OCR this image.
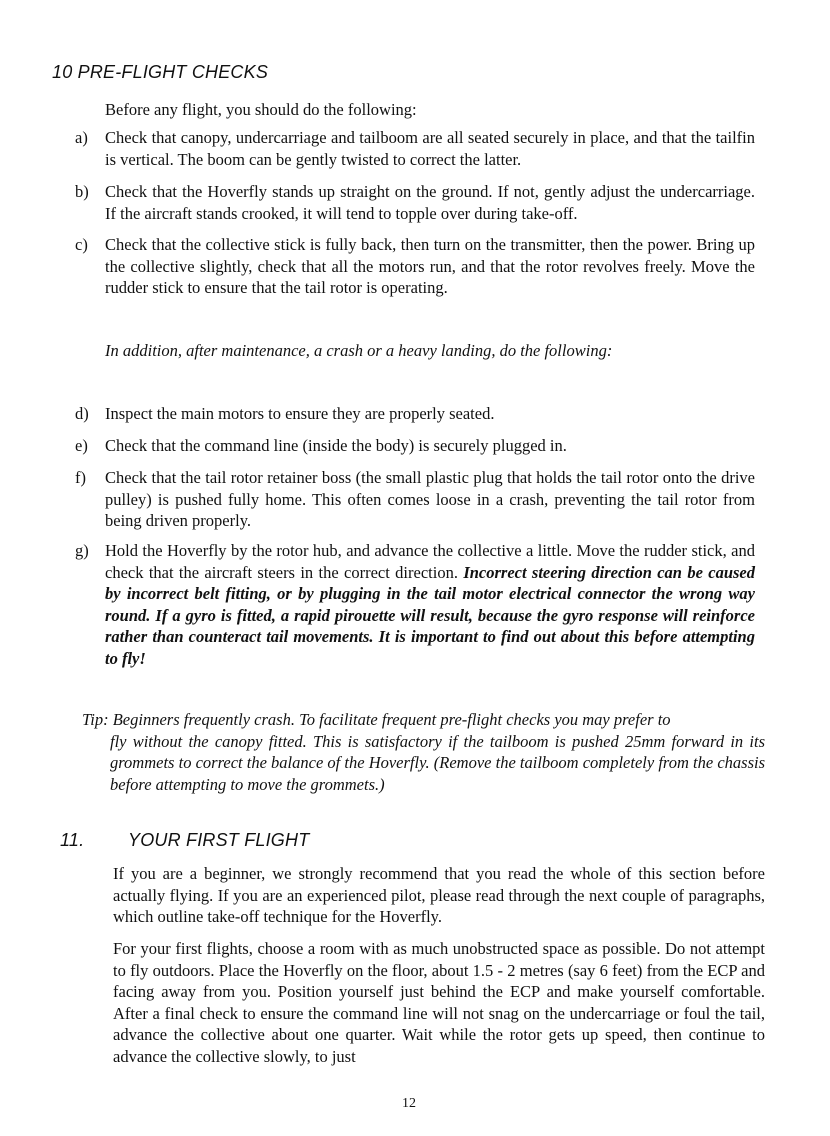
10 PRE-FLIGHT CHECKS
Before any flight, you should do the following:
a) Check that canopy, undercarriage and tailboom are all seated securely in place, and that the tailfin is vertical. The boom can be gently twisted to correct the latter.
b) Check that the Hoverfly stands up straight on the ground. If not, gently adjust the undercarriage. If the aircraft stands crooked, it will tend to topple over during take-off.
c) Check that the collective stick is fully back, then turn on the transmitter, then the power. Bring up the collective slightly, check that all the motors run, and that the rotor revolves freely. Move the rudder stick to ensure that the tail rotor is operating.
In addition, after maintenance, a crash or a heavy landing, do the following:
d) Inspect the main motors to ensure they are properly seated.
e) Check that the command line (inside the body) is securely plugged in.
f) Check that the tail rotor retainer boss (the small plastic plug that holds the tail rotor onto the drive pulley) is pushed fully home. This often comes loose in a crash, preventing the tail rotor from being driven properly.
g) Hold the Hoverfly by the rotor hub, and advance the collective a little. Move the rudder stick, and check that the aircraft steers in the correct direction. Incorrect steering direction can be caused by incorrect belt fitting, or by plugging in the tail motor electrical connector the wrong way round. If a gyro is fitted, a rapid pirouette will result, because the gyro response will reinforce rather than counteract tail movements. It is important to find out about this before attempting to fly!
Tip: Beginners frequently crash. To facilitate frequent pre-flight checks you may prefer to
fly without the canopy fitted. This is satisfactory if the tailboom is pushed 25mm forward in its grommets to correct the balance of the Hoverfly. (Remove the tailboom completely from the chassis before attempting to move the grommets.)
11. YOUR FIRST FLIGHT
If you are a beginner, we strongly recommend that you read the whole of this section before actually flying. If you are an experienced pilot, please read through the next couple of paragraphs, which outline take-off technique for the Hoverfly.
For your first flights, choose a room with as much unobstructed space as possible. Do not attempt to fly outdoors. Place the Hoverfly on the floor, about 1.5 - 2 metres (say 6 feet) from the ECP and facing away from you. Position yourself just behind the ECP and make yourself comfortable. After a final check to ensure the command line will not snag on the undercarriage or foul the tail, advance the collective about one quarter. Wait while the rotor gets up speed, then continue to advance the collective slowly, to just
12
